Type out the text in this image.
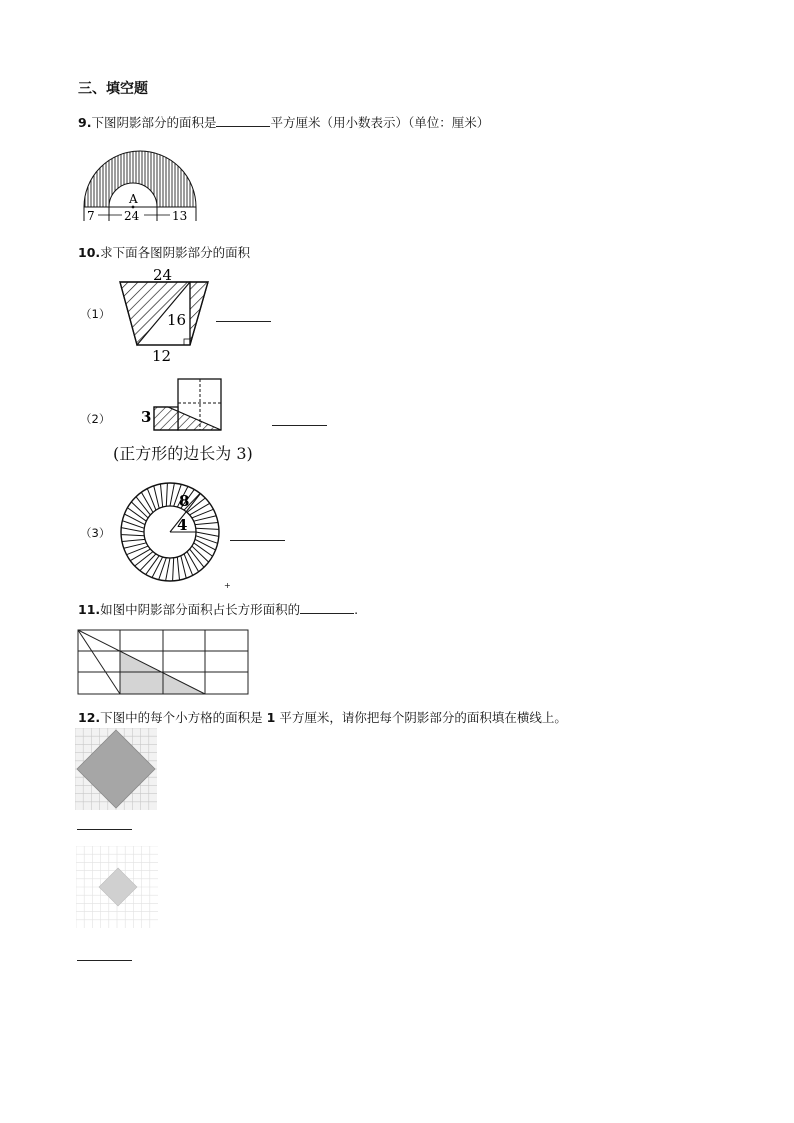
三、填空题
9.下图阴影部分的面积是	平方厘米（用小数表示）（单位：厘米）
A
7 24	13
10.求下面各图阴影部分的面积
（1）
24
16
12
（2） 3
(正方形的边长为 3)
（3）
8
4
+
11.如图中阴影部分面积占长方形面积的	.
12.下图中的每个小方格的面积是 1 平方厘米，请你把每个阴影部分的面积填在横线上。
